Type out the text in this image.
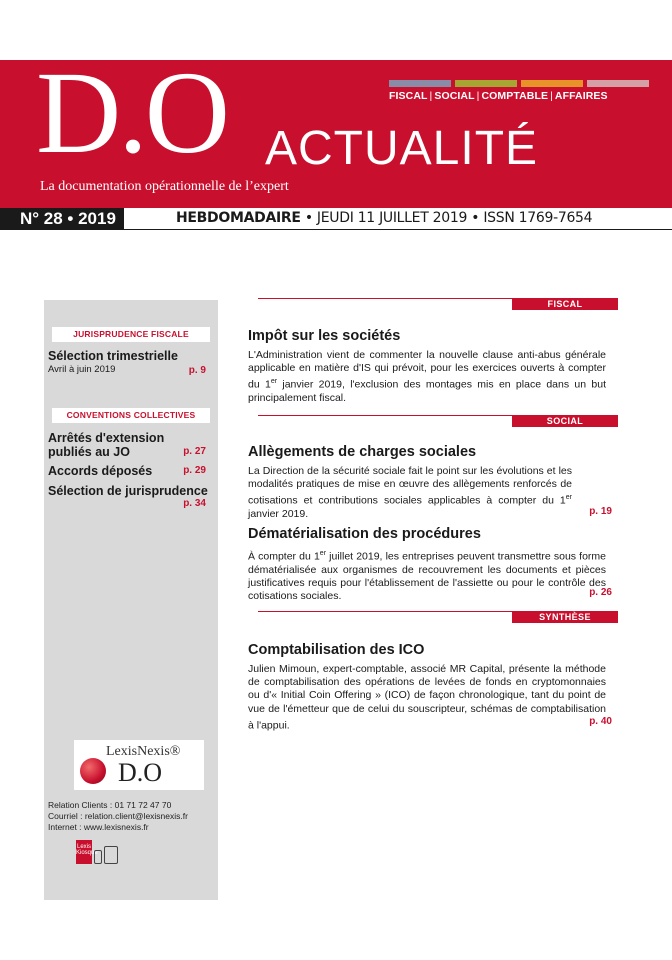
FISCAL | SOCIAL | COMPTABLE | AFFAIRES
D.O ACTUALITÉ
La documentation opérationnelle de l’expert
N° 28 • 2019	HEBDOMADAIRE • JEUDI 11 JUILLET 2019 • ISSN 1769-7654
JURISPRUDENCE FISCALE
Sélection trimestrielle
Avril à juin 2019	p. 9
CONVENTIONS COLLECTIVES
Arrêtés d'extension publiés au JO	p. 27
Accords déposés	p. 29
Sélection de jurisprudence
p. 34
LexisNexis®
D.O
Relation Clients : 01 71 72 47 70
Courriel : relation.client@lexisnexis.fr
Internet : www.lexisnexis.fr
Lexis
Kiosque
FISCAL
Impôt sur les sociétés
L'Administration vient de commenter la nouvelle clause anti-abus générale applicable en matière d'IS qui prévoit, pour les exercices ouverts à compter du 1er janvier 2019, l'exclusion des montages mis en place dans un but principalement fiscal.
SOCIAL
Allègements de charges sociales
La Direction de la sécurité sociale fait le point sur les évolutions et les modalités pratiques de mise en œuvre des allègements renforcés de cotisations et contributions sociales applicables à compter du 1er janvier 2019.	p. 19
Dématérialisation des procédures
À compter du 1er juillet 2019, les entreprises peuvent transmettre sous forme dématérialisée aux organismes de recouvrement les documents et pièces justificatives requis pour l'établissement de l'assiette ou pour le contrôle des cotisations sociales.	p. 26
SYNTHÈSE
Comptabilisation des ICO
Julien Mimoun, expert-comptable, associé MR Capital, présente la méthode de comptabilisation des opérations de levées de fonds en cryptomonnaies ou d'« Initial Coin Offering » (ICO) de façon chronologique, tant du point de vue de l'émetteur que de celui du souscripteur, schémas de comptabilisation à l'appui.	p. 40
